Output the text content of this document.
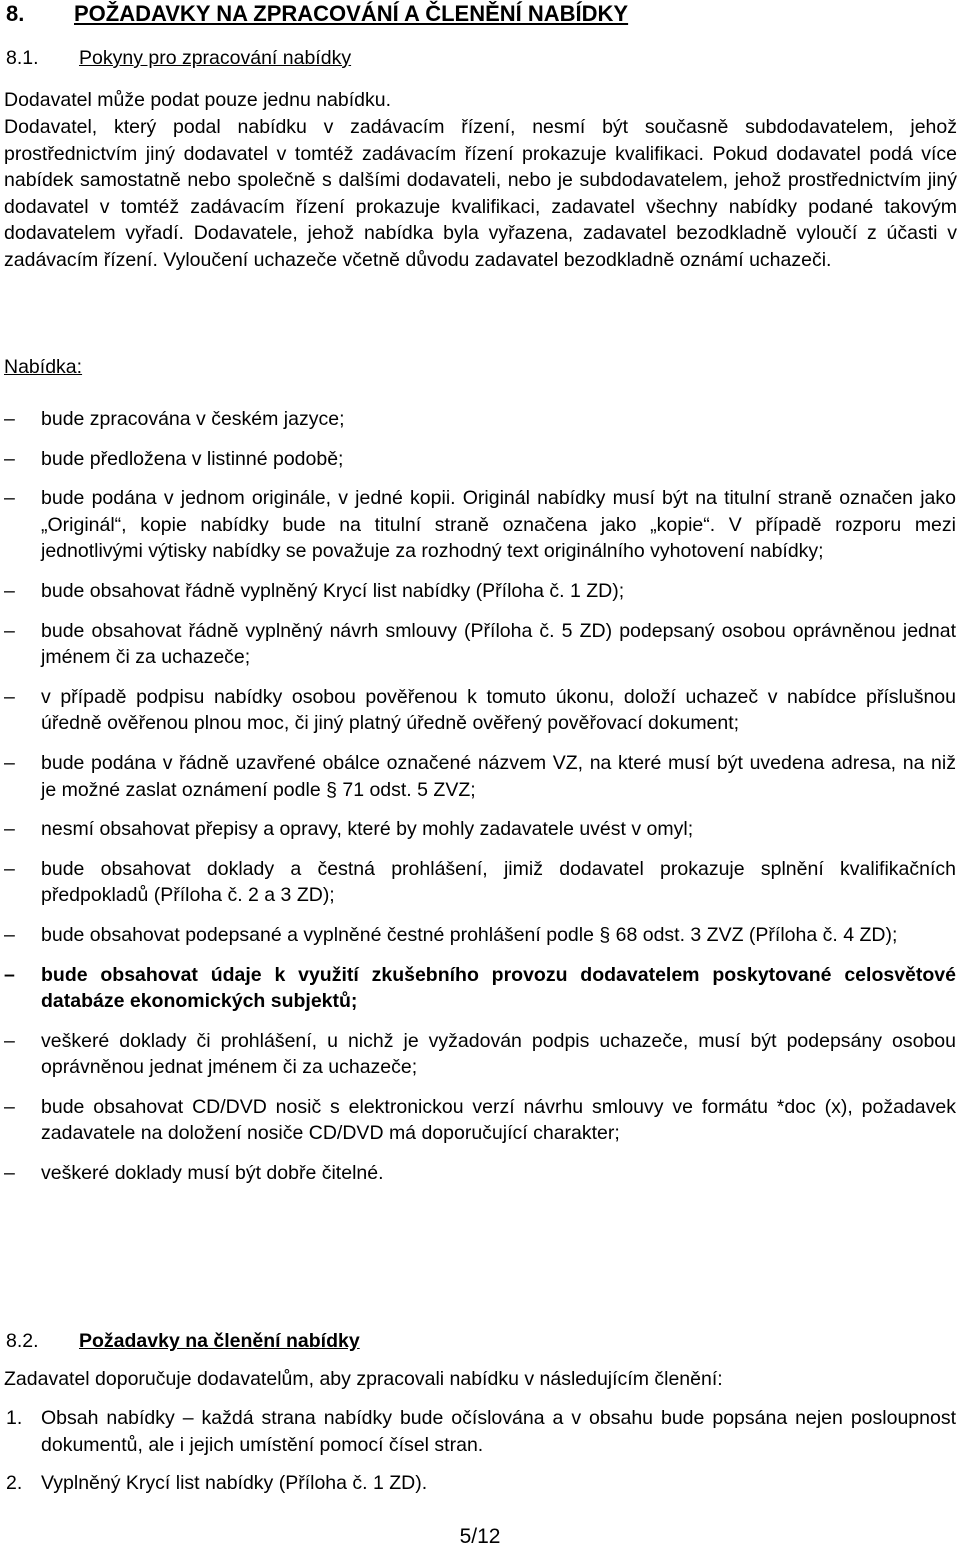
8. POŽADAVKY NA ZPRACOVÁNÍ A ČLENĚNÍ NABÍDKY
8.1. Pokyny pro zpracování nabídky

Dodavatel může podat pouze jednu nabídku.

Dodavatel, který podal nabídku v zadávacím řízení, nesmí být současně subdodavatelem, jehož prostřednictvím jiný dodavatel v tomtéž zadávacím řízení prokazuje kvalifikaci. Pokud dodavatel podá více nabídek samostatně nebo společně s dalšími dodavateli, nebo je subdodavatelem, jehož prostřednictvím jiný dodavatel v tomtéž zadávacím řízení prokazuje kvalifikaci, zadavatel všechny nabídky podané takovým dodavatelem vyřadí. Dodavatele, jehož nabídka byla vyřazena, zadavatel bezodkladně vyloučí z účasti v zadávacím řízení. Vyloučení uchazeče včetně důvodu zadavatel bezodkladně oznámí uchazeči.

Nabídka:
–	bude zpracována v českém jazyce;
–	bude předložena v listinné podobě;
–	bude podána v jednom originále, v jedné kopii. Originál nabídky musí být na titulní straně označen jako „Originál“, kopie nabídky bude na titulní straně označena jako „kopie“. V případě rozporu mezi jednotlivými výtisky nabídky se považuje za rozhodný text originálního vyhotovení nabídky;
–	bude obsahovat řádně vyplněný Krycí list nabídky (Příloha č. 1 ZD);
–	bude obsahovat řádně vyplněný návrh smlouvy (Příloha č. 5 ZD) podepsaný osobou oprávněnou jednat jménem či za uchazeče;
–	v případě podpisu nabídky osobou pověřenou k tomuto úkonu, doloží uchazeč v nabídce příslušnou úředně ověřenou plnou moc, či jiný platný úředně ověřený pověřovací dokument;
–	bude podána v řádně uzavřené obálce označené názvem VZ, na které musí být uvedena adresa, na niž je možné zaslat oznámení podle § 71 odst. 5 ZVZ;
–	nesmí obsahovat přepisy a opravy, které by mohly zadavatele uvést v omyl;
–	bude obsahovat doklady a čestná prohlášení, jimiž dodavatel prokazuje splnění kvalifikačních předpokladů (Příloha č. 2 a 3 ZD);
–	bude obsahovat podepsané a vyplněné čestné prohlášení podle § 68 odst. 3 ZVZ (Příloha č. 4 ZD);
–	bude obsahovat údaje k využití zkušebního provozu dodavatelem poskytované celosvětové databáze ekonomických subjektů;
–	veškeré doklady či prohlášení, u nichž je vyžadován podpis uchazeče, musí být podepsány osobou oprávněnou jednat jménem či za uchazeče;
–	bude obsahovat CD/DVD nosič s elektronickou verzí návrhu smlouvy ve formátu *doc (x), požadavek zadavatele na doložení nosiče CD/DVD má doporučující charakter;
–	veškeré doklady musí být dobře čitelné.
8.2. Požadavky na členění nabídky

Zadavatel doporučuje dodavatelům, aby zpracovali nabídku v následujícím členění:

1. Obsah nabídky – každá strana nabídky bude očíslována a v obsahu bude popsána nejen posloupnost dokumentů, ale i jejich umístění pomocí čísel stran.
2. Vyplněný Krycí list nabídky (Příloha č. 1 ZD).
5/12
